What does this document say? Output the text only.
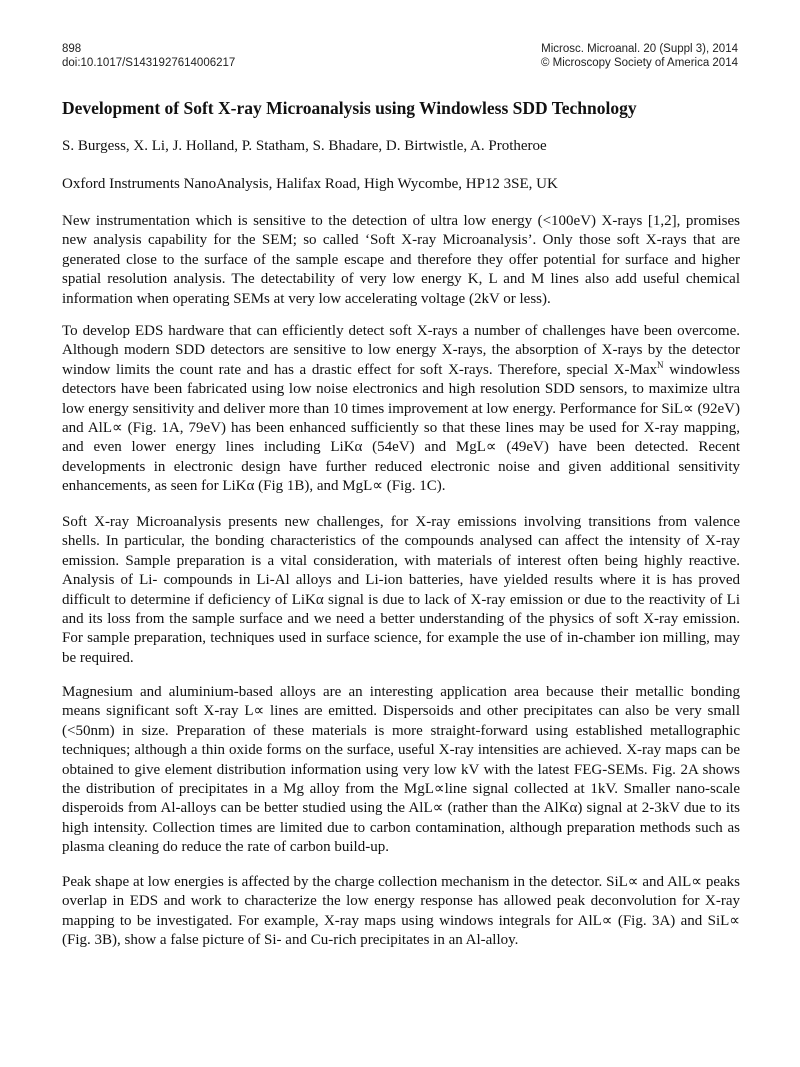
898
doi:10.1017/S1431927614006217
Microsc. Microanal. 20 (Suppl 3), 2014
© Microscopy Society of America 2014
Development of Soft X-ray Microanalysis using Windowless SDD Technology
S. Burgess, X. Li, J. Holland, P. Statham, S. Bhadare, D. Birtwistle, A. Protheroe
Oxford Instruments NanoAnalysis, Halifax Road, High Wycombe, HP12 3SE, UK

New instrumentation which is sensitive to the detection of ultra low energy (<100eV) X-rays [1,2], promises new analysis capability for the SEM; so called ‘Soft X-ray Microanalysis’. Only those soft X-rays that are generated close to the surface of the sample escape and therefore they offer potential for surface and higher spatial resolution analysis. The detectability of very low energy K, L and M lines also add useful chemical information when operating SEMs at very low accelerating voltage (2kV or less).

To develop EDS hardware that can efficiently detect soft X-rays a number of challenges have been overcome. Although modern SDD detectors are sensitive to low energy X-rays, the absorption of X-rays by the detector window limits the count rate and has a drastic effect for soft X-rays. Therefore, special X-Max$^N$ windowless detectors have been fabricated using low noise electronics and high resolution SDD sensors, to maximize ultra low energy sensitivity and deliver more than 10 times improvement at low energy. Performance for SiL∝ (92eV) and AlL∝ (Fig. 1A, 79eV) has been enhanced sufficiently so that these lines may be used for X-ray mapping, and even lower energy lines including LiKα (54eV) and MgL∝ (49eV) have been detected. Recent developments in electronic design have further reduced electronic noise and given additional sensitivity enhancements, as seen for LiKα (Fig 1B), and MgL∝ (Fig. 1C).

Soft X-ray Microanalysis presents new challenges, for X-ray emissions involving transitions from valence shells. In particular, the bonding characteristics of the compounds analysed can affect the intensity of X-ray emission. Sample preparation is a vital consideration, with materials of interest often being highly reactive. Analysis of Li- compounds in Li-Al alloys and Li-ion batteries, have yielded results where it is has proved difficult to determine if deficiency of LiKα signal is due to lack of X-ray emission or due to the reactivity of Li and its loss from the sample surface and we need a better understanding of the physics of soft X-ray emission. For sample preparation, techniques used in surface science, for example the use of in-chamber ion milling, may be required.

Magnesium and aluminium-based alloys are an interesting application area because their metallic bonding means significant soft X-ray L∝ lines are emitted. Dispersoids and other precipitates can also be very small (<50nm) in size. Preparation of these materials is more straight-forward using established metallographic techniques; although a thin oxide forms on the surface, useful X-ray intensities are achieved. X-ray maps can be obtained to give element distribution information using very low kV with the latest FEG-SEMs. Fig. 2A shows the distribution of precipitates in a Mg alloy from the MgL∝line signal collected at 1kV. Smaller nano-scale disperoids from Al-alloys can be better studied using the AlL∝ (rather than the AlKα) signal at 2-3kV due to its high intensity. Collection times are limited due to carbon contamination, although preparation methods such as plasma cleaning do reduce the rate of carbon build-up.

Peak shape at low energies is affected by the charge collection mechanism in the detector. SiL∝ and AlL∝ peaks overlap in EDS and work to characterize the low energy response has allowed peak deconvolution for X-ray mapping to be investigated. For example, X-ray maps using windows integrals for AlL∝ (Fig. 3A) and SiL∝ (Fig. 3B), show a false picture of Si- and Cu-rich precipitates in an Al-alloy.
